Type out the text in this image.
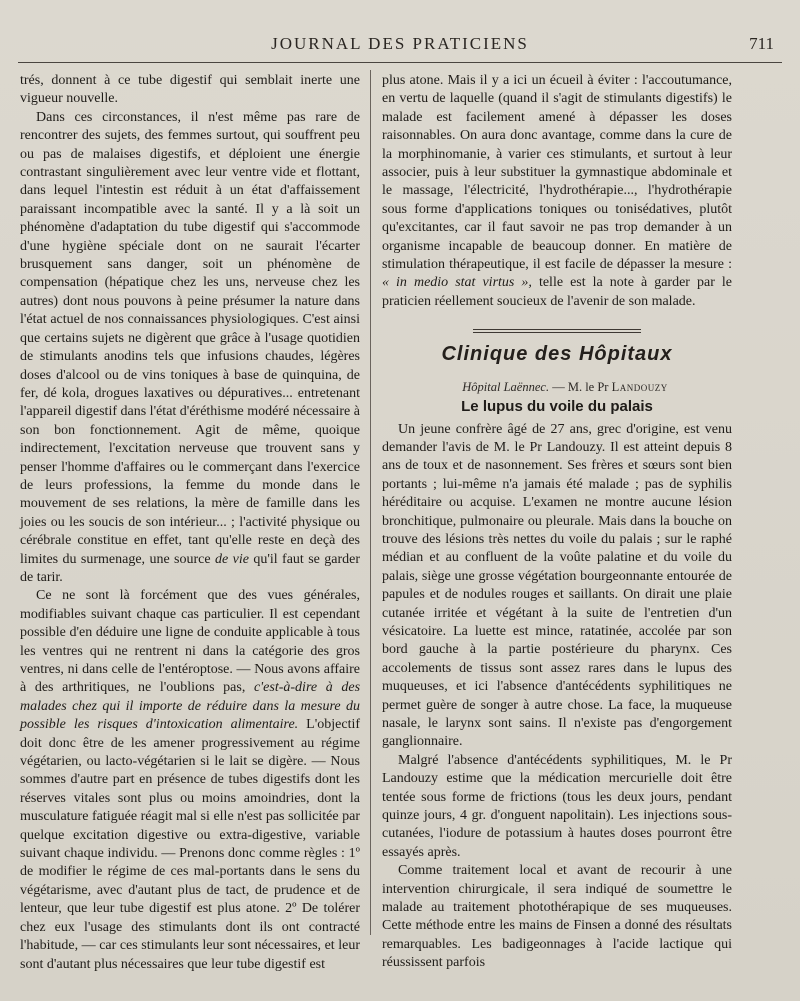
JOURNAL DES PRATICIENS	711

trés, donnent à ce tube digestif qui semblait inerte une vigueur nouvelle.

Dans ces circonstances, il n'est même pas rare de rencontrer des sujets, des femmes surtout, qui souffrent peu ou pas de malaises digestifs, et déploient une énergie contrastant singulièrement avec leur ventre vide et flottant, dans lequel l'intestin est réduit à un état d'affaissement paraissant incompatible avec la santé. Il y a là soit un phénomène d'adaptation du tube digestif qui s'accommode d'une hygiène spéciale dont on ne saurait l'écarter brusquement sans danger, soit un phénomène de compensation (hépatique chez les uns, nerveuse chez les autres) dont nous pouvons à peine présumer la nature dans l'état actuel de nos connaissances physiologiques. C'est ainsi que certains sujets ne digèrent que grâce à l'usage quotidien de stimulants anodins tels que infusions chaudes, légères doses d'alcool ou de vins toniques à base de quinquina, de fer, dé kola, drogues laxatives ou dépuratives... entretenant l'appareil digestif dans l'état d'éréthisme modéré nécessaire à son bon fonctionnement. Agit de même, quoique indirectement, l'excitation nerveuse que trouvent sans y penser l'homme d'affaires ou le commerçant dans l'exercice de leurs professions, la femme du monde dans le mouvement de ses relations, la mère de famille dans les joies ou les soucis de son intérieur... ; l'activité physique ou cérébrale constitue en effet, tant qu'elle reste en deçà des limites du surmenage, une source de vie qu'il faut se garder de tarir.

Ce ne sont là forcément que des vues générales, modifiables suivant chaque cas particulier. Il est cependant possible d'en déduire une ligne de conduite applicable à tous les ventres qui ne rentrent ni dans la catégorie des gros ventres, ni dans celle de l'entéroptose. — Nous avons affaire à des arthritiques, ne l'oublions pas, c'est-à-dire à des malades chez qui il importe de réduire dans la mesure du possible les risques d'intoxication alimentaire. L'objectif doit donc être de les amener progressivement au régime végétarien, ou lacto-végétarien si le lait se digère. — Nous sommes d'autre part en présence de tubes digestifs dont les réserves vitales sont plus ou moins amoindries, dont la musculature fatiguée réagit mal si elle n'est pas sollicitée par quelque excitation digestive ou extra-digestive, variable suivant chaque individu. — Prenons donc comme règles : 1º de modifier le régime de ces mal-portants dans le sens du végétarisme, avec d'autant plus de tact, de prudence et de lenteur, que leur tube digestif est plus atone. 2º De tolérer chez eux l'usage des stimulants dont ils ont contracté l'habitude, — car ces stimulants leur sont nécessaires, et leur sont d'autant plus nécessaires que leur tube digestif est

plus atone. Mais il y a ici un écueil à éviter : l'accoutumance, en vertu de laquelle (quand il s'agit de stimulants digestifs) le malade est facilement amené à dépasser les doses raisonnables. On aura donc avantage, comme dans la cure de la morphinomanie, à varier ces stimulants, et surtout à leur associer, puis à leur substituer la gymnastique abdominale et le massage, l'électricité, l'hydrothérapie..., l'hydrothérapie sous forme d'applications toniques ou tonisédatives, plutôt qu'excitantes, car il faut savoir ne pas trop demander à un organisme incapable de beaucoup donner. En matière de stimulation thérapeutique, il est facile de dépasser la mesure : « in medio stat virtus », telle est la note à garder par le praticien réellement soucieux de l'avenir de son malade.

Clinique des Hôpitaux

Hôpital Laënnec. — M. le Pr Landouzy

Le lupus du voile du palais

Un jeune confrère âgé de 27 ans, grec d'origine, est venu demander l'avis de M. le Pr Landouzy. Il est atteint depuis 8 ans de toux et de nasonnement. Ses frères et sœurs sont bien portants ; lui-même n'a jamais été malade ; pas de syphilis héréditaire ou acquise. L'examen ne montre aucune lésion bronchitique, pulmonaire ou pleurale. Mais dans la bouche on trouve des lésions très nettes du voile du palais ; sur le raphé médian et au confluent de la voûte palatine et du voile du palais, siège une grosse végétation bourgeonnante entourée de papules et de nodules rouges et saillants. On dirait une plaie cutanée irritée et végétant à la suite de l'entretien d'un vésicatoire. La luette est mince, ratatinée, accolée par son bord gauche à la partie postérieure du pharynx. Ces accolements de tissus sont assez rares dans le lupus des muqueuses, et ici l'absence d'antécédents syphilitiques ne permet guère de songer à autre chose. La face, la muqueuse nasale, le larynx sont sains. Il n'existe pas d'engorgement ganglionnaire.

Malgré l'absence d'antécédents syphilitiques, M. le Pr Landouzy estime que la médication mercurielle doit être tentée sous forme de frictions (tous les deux jours, pendant quinze jours, 4 gr. d'onguent napolitain). Les injections sous-cutanées, l'iodure de potassium à hautes doses pourront être essayés après.

Comme traitement local et avant de recourir à une intervention chirurgicale, il sera indiqué de soumettre le malade au traitement photothérapique de ses muqueuses. Cette méthode entre les mains de Finsen a donné des résultats remarquables. Les badigeonnages à l'acide lactique qui réussissent parfois
